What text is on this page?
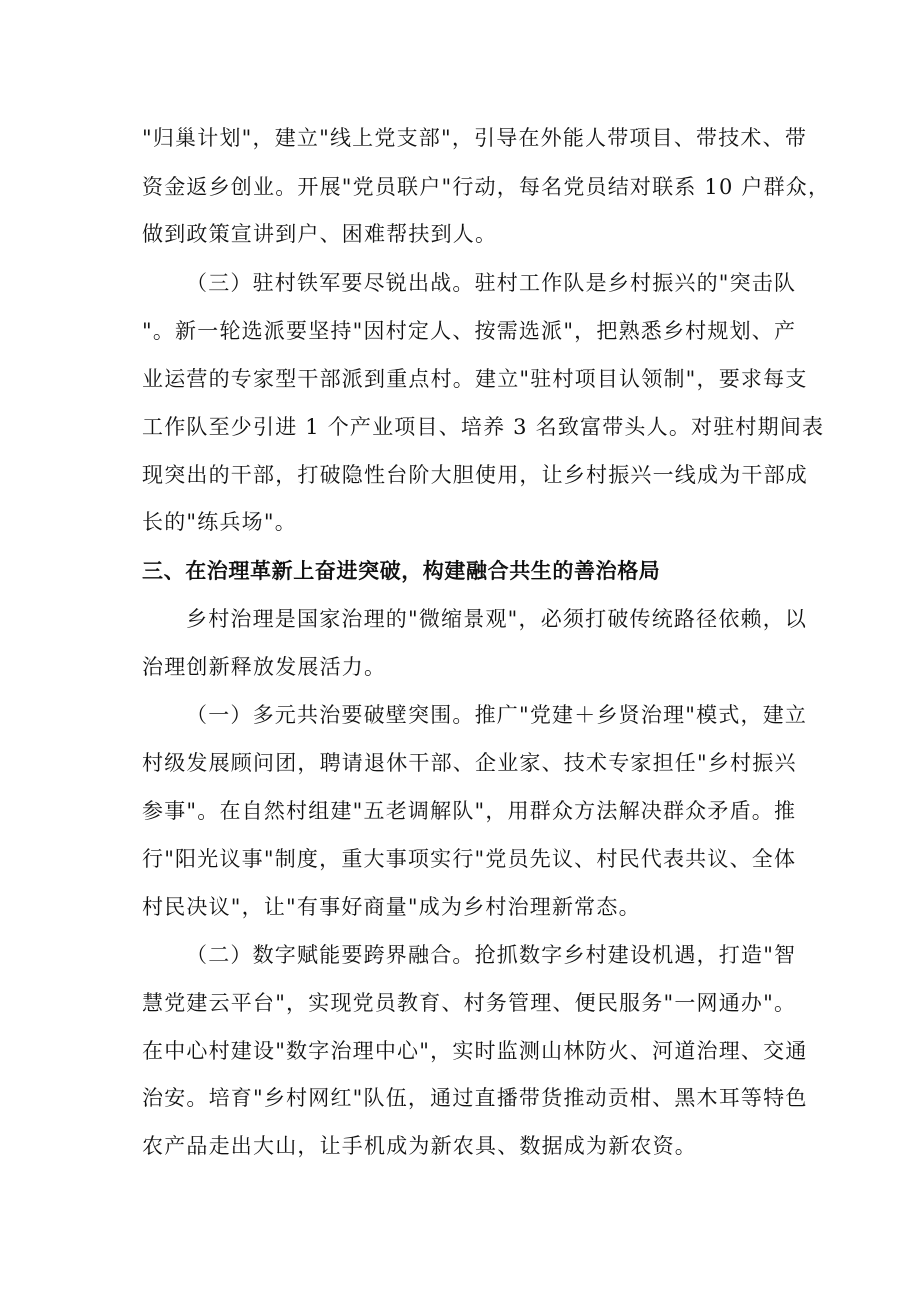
"归巢计划"，建立"线上党支部"，引导在外能人带项目、带技术、带
资金返乡创业。开展"党员联户"行动，每名党员结对联系 10 户群众，
做到政策宣讲到户、困难帮扶到人。
（三）驻村铁军要尽锐出战。驻村工作队是乡村振兴的"突击队
"。新一轮选派要坚持"因村定人、按需选派"，把熟悉乡村规划、产
业运营的专家型干部派到重点村。建立"驻村项目认领制"，要求每支
工作队至少引进 1 个产业项目、培养 3 名致富带头人。对驻村期间表
现突出的干部，打破隐性台阶大胆使用，让乡村振兴一线成为干部成
长的"练兵场"。
三、在治理革新上奋进突破，构建融合共生的善治格局
乡村治理是国家治理的"微缩景观"，必须打破传统路径依赖，以
治理创新释放发展活力。
（一）多元共治要破壁突围。推广"党建＋乡贤治理"模式，建立
村级发展顾问团，聘请退休干部、企业家、技术专家担任"乡村振兴
参事"。在自然村组建"五老调解队"，用群众方法解决群众矛盾。推
行"阳光议事"制度，重大事项实行"党员先议、村民代表共议、全体
村民决议"，让"有事好商量"成为乡村治理新常态。
（二）数字赋能要跨界融合。抢抓数字乡村建设机遇，打造"智
慧党建云平台"，实现党员教育、村务管理、便民服务"一网通办"。
在中心村建设"数字治理中心"，实时监测山林防火、河道治理、交通
治安。培育"乡村网红"队伍，通过直播带货推动贡柑、黑木耳等特色
农产品走出大山，让手机成为新农具、数据成为新农资。
